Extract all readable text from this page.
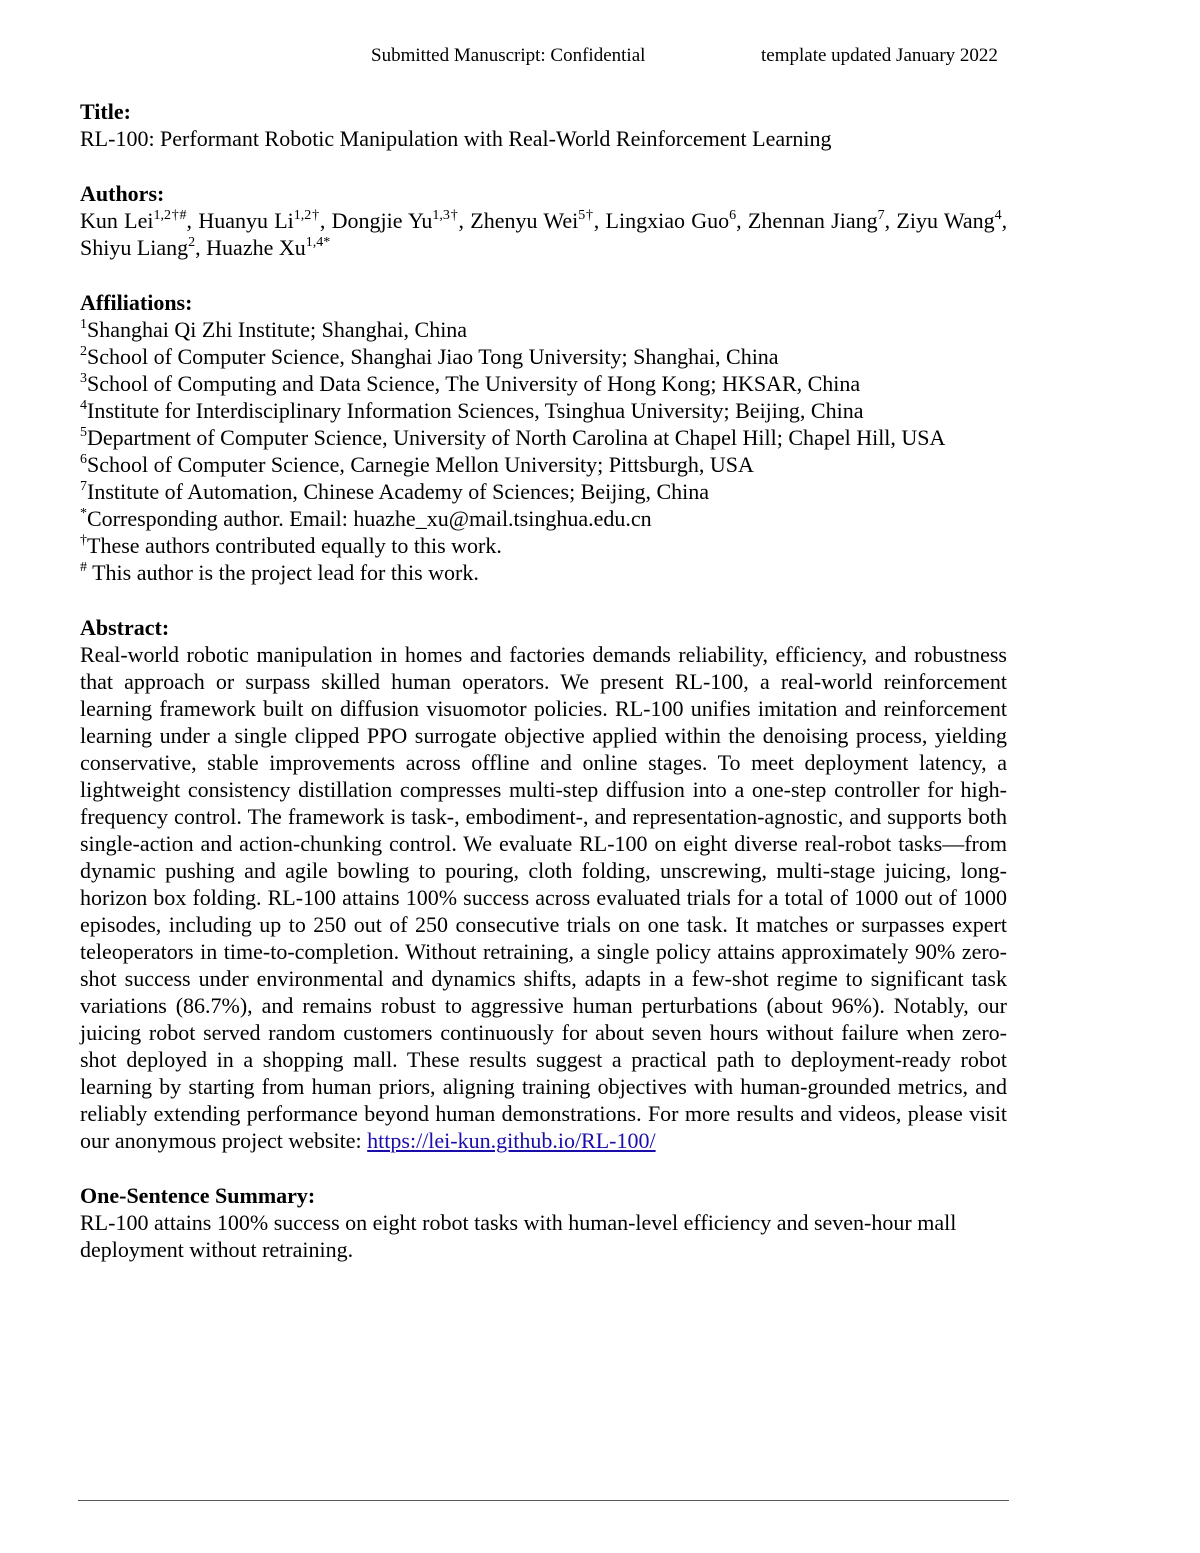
Submitted Manuscript: Confidential	template updated January 2022

Title:

RL-100: Performant Robotic Manipulation with Real-World Reinforcement Learning

Authors:

Kun Lei$^{1,2\dagger\#}$, Huanyu $Li^{1,2\dagger}$, Dongjie $Yu^{1,3\dagger}$, Zhenyu Wei$^{5\dagger}$, Lingxiao Guo$^6$, Zhennan Jiang$^7$, Ziyu Wang$^4$, Shiyu Liang$^2$, Huazhe $Xu^{1,4*}$

Affiliations:

$^1$Shanghai Qi Zhi Institute; Shanghai, China

$^2$School of Computer Science, Shanghai Jiao Tong University; Shanghai, China

$^3$School of Computing and Data Science, The University of Hong Kong; HKSAR, China

$^4$Institute for Interdisciplinary Information Sciences, Tsinghua University; Beijing, China

$^5$Department of Computer Science, University of North Carolina at Chapel Hill; Chapel Hill, USA

$^6$School of Computer Science, Carnegie Mellon University; Pittsburgh, USA

$^7$Institute of Automation, Chinese Academy of Sciences; Beijing, China

*Corresponding author. Email: huazhe_xu@mail.tsinghua.edu.cn

†These authors contributed equally to this work.

# This author is the project lead for this work.

Abstract:

Real-world robotic manipulation in homes and factories demands reliability, efficiency, and robustness that approach or surpass skilled human operators. We present RL-100, a real-world reinforcement learning framework built on diffusion visuomotor policies. RL-100 unifies imitation and reinforcement learning under a single clipped PPO surrogate objective applied within the denoising process, yielding conservative, stable improvements across offline and online stages. To meet deployment latency, a lightweight consistency distillation compresses multi-step diffusion into a one-step controller for high-frequency control. The framework is task-, embodiment-, and representation-agnostic, and supports both single-action and action-chunking control. We evaluate RL-100 on eight diverse real-robot tasks—from dynamic pushing and agile bowling to pouring, cloth folding, unscrewing, multi-stage juicing, long-horizon box folding. RL-100 attains 100% success across evaluated trials for a total of 1000 out of 1000 episodes, including up to 250 out of 250 consecutive trials on one task. It matches or surpasses expert teleoperators in time-to-completion. Without retraining, a single policy attains approximately 90% zero-shot success under environmental and dynamics shifts, adapts in a few-shot regime to significant task variations (86.7%), and remains robust to aggressive human perturbations (about 96%). Notably, our juicing robot served random customers continuously for about seven hours without failure when zero-shot deployed in a shopping mall. These results suggest a practical path to deployment-ready robot learning by starting from human priors, aligning training objectives with human-grounded metrics, and reliably extending performance beyond human demonstrations. For more results and videos, please visit our anonymous project website: https://lei-kun.github.io/RL-100/

One-Sentence Summary:

RL-100 attains 100% success on eight robot tasks with human-level efficiency and seven-hour mall deployment without retraining.
